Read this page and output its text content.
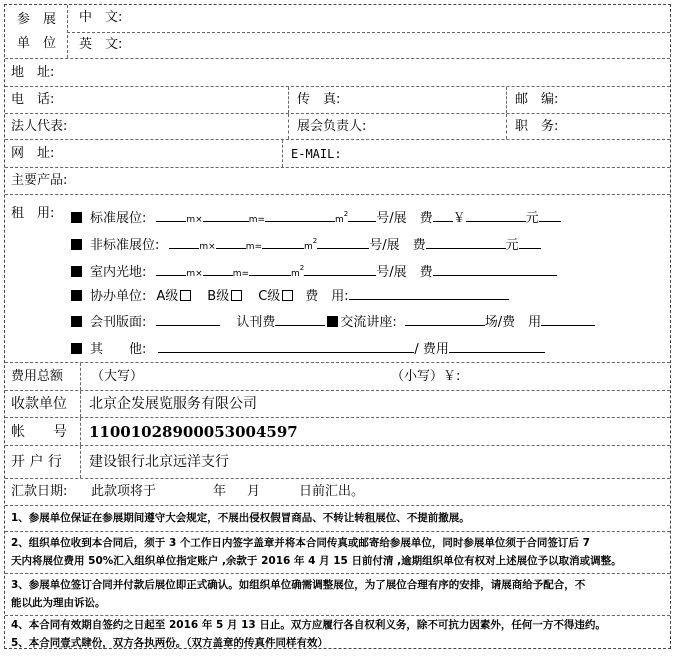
参　展
单　位
中　文:
英　文:
地　址:
电　话:	传　真:	邮　编:
法人代表:	展会负责人:	职　务:
网　址:	E-MAIL:
主要产品:
租　用:	标准展位:	m×	m=	$m^2$ 号/展　费 ￥	元
非标准展位:	m×	m=	$m^2$	号/展　费	元
室内光地:	m×	m=	$m^2$	号/展　费
协办单位: A级 B级 C级 费　用:
会刊版面:	认刊费	交流讲座:	场/费　用
其　　他:	/ 费用
费用总额 （大写）	（小写）￥:
收款单位 北京企发展览服务有限公司
帐　　号 11001028900053004597
开 户 行 建设银行北京远洋支行
汇款日期: 此款项将于	年 月	日前汇出。
1、参展单位保证在参展期间遵守大会规定，不展出侵权假冒商品、不转让转租展位、不提前撤展。
2、组织单位收到本合同后，须于 3 个工作日内签字盖章并将本合同传真或邮寄给参展单位，同时参展单位须于合同签订后 7
天内将展位费用 50%汇入组织单位指定账户 ,余款于 2016 年 4 月 15 日前付清 ,逾期组织单位有权对上述展位予以取消或调整。
3、参展单位签订合同并付款后展位即正式确认。如组织单位确需调整展位，为了展位合理有序的安排，请展商给予配合，不
能以此为理由诉讼。
4、本合同有效期自签约之日起至 2016 年 5 月 13 日止。双方应履行各自权利义务，除不可抗力因素外，任何一方不得违约。
5、本合同壹式肆份，双方各执两份。（双方盖章的传真件同样有效）
